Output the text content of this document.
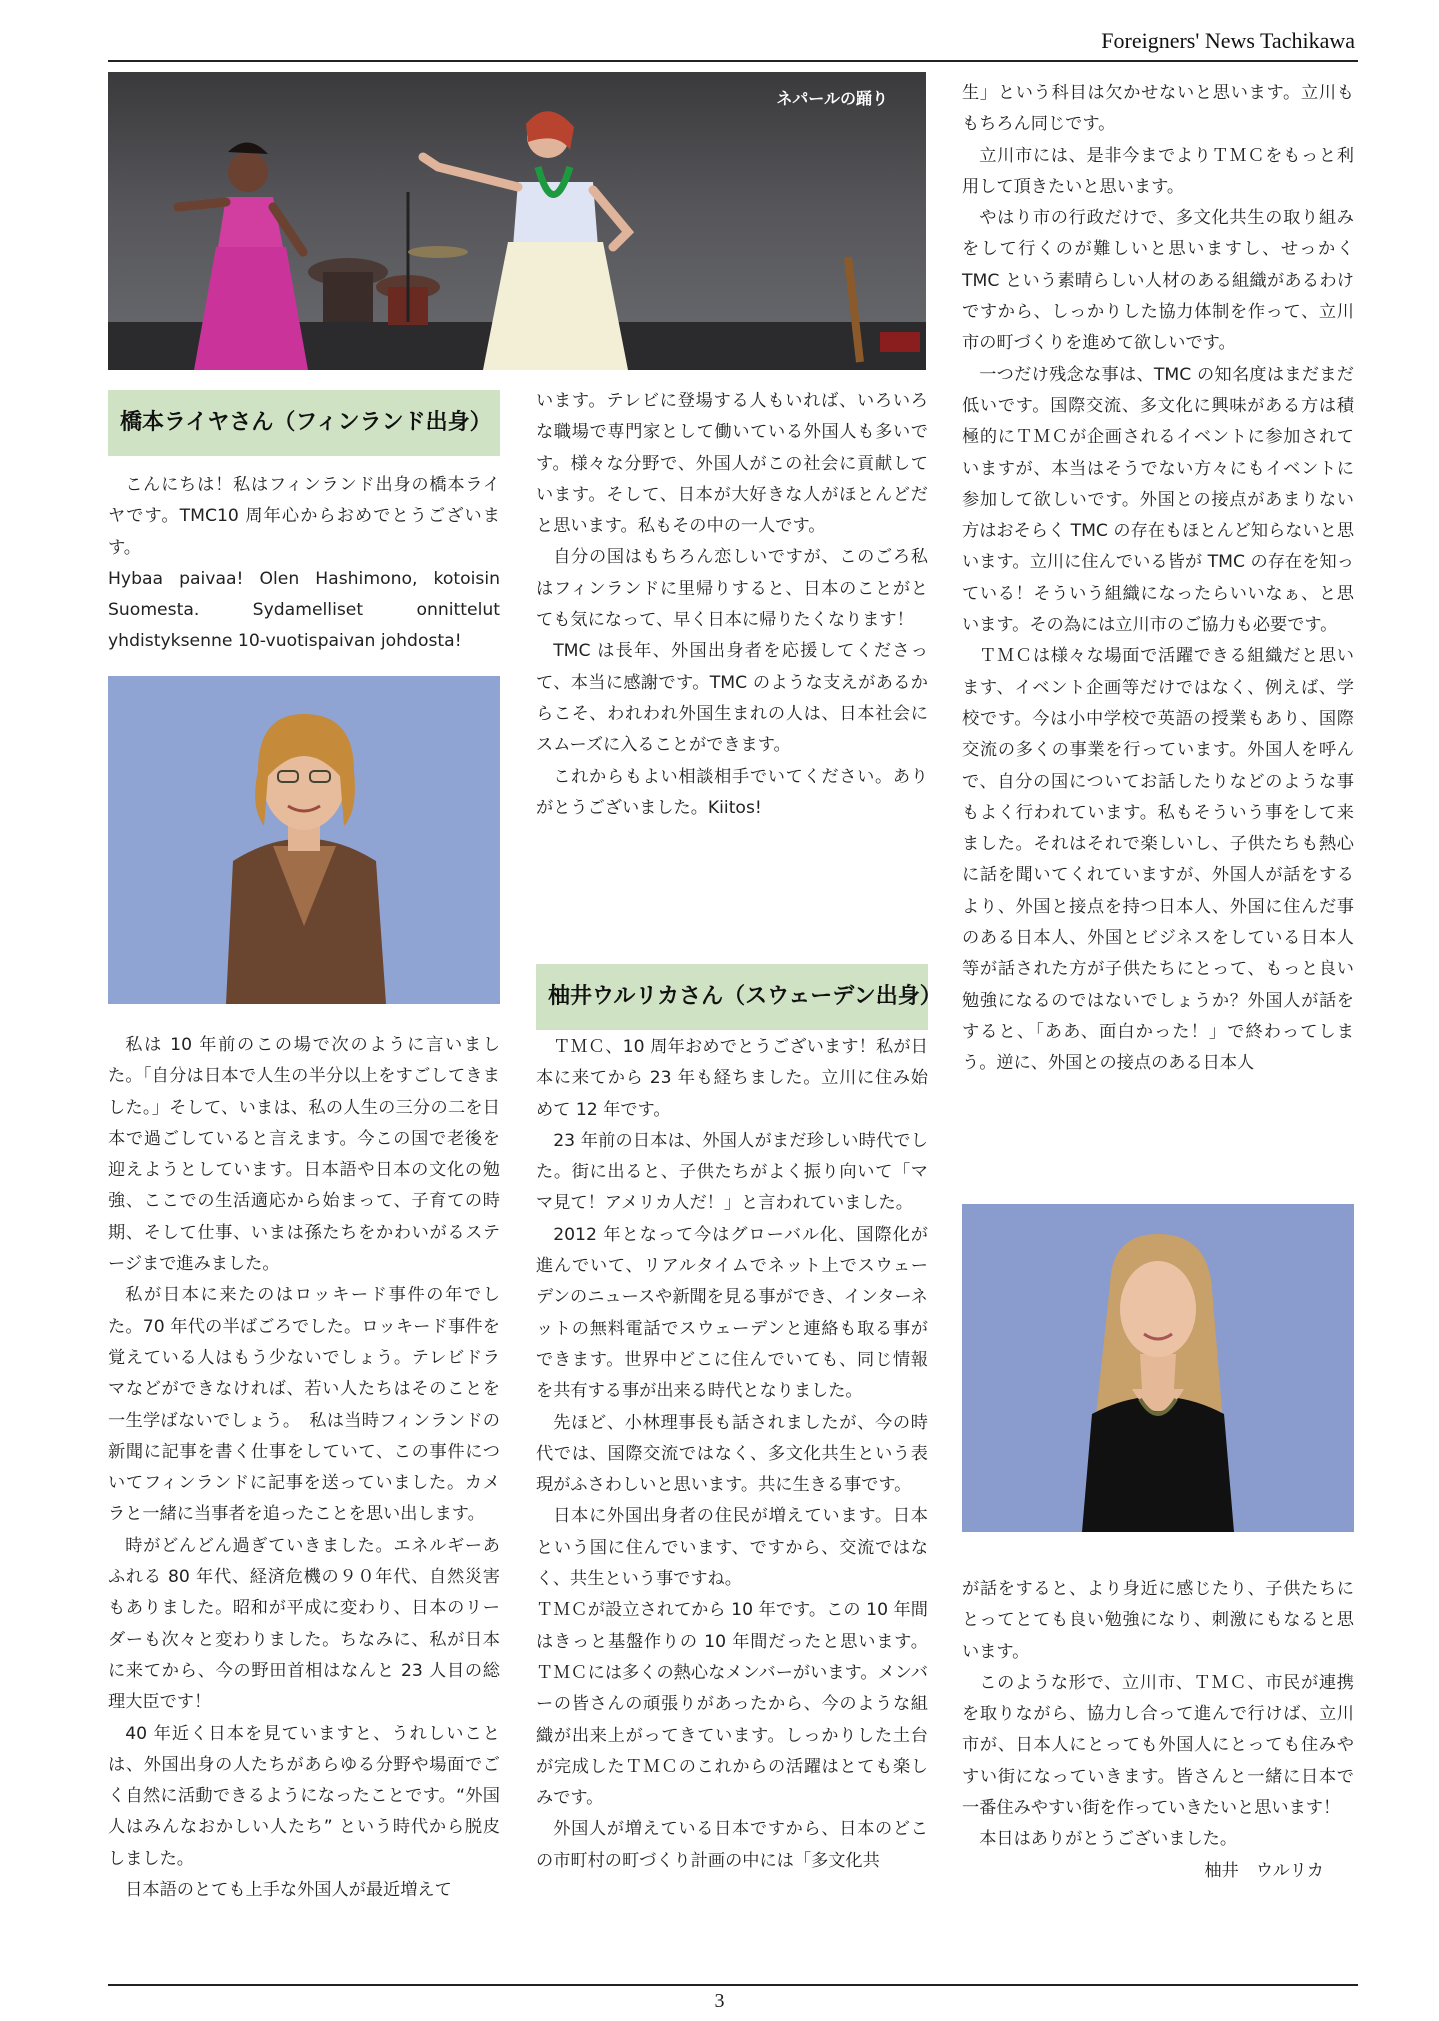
Foreigners' News Tachikawa
ネパールの踊り
橋本ライヤさん（フィンランド出身）

こんにちは！私はフィンランド出身の橋本ライヤです。TMC10 周年心からおめでとうございます。

Hybaa paivaa! Olen Hashimono, kotoisin Suomesta. Sydamelliset onnittelut yhdistyksenne 10-vuotispaivan johdosta!

私は 10 年前のこの場で次のように言いました。「自分は日本で人生の半分以上をすごしてきました。」そして、いまは、私の人生の三分の二を日本で過ごしていると言えます。今この国で老後を迎えようとしています。日本語や日本の文化の勉強、ここでの生活適応から始まって、子育ての時期、そして仕事、いまは孫たちをかわいがるステージまで進みました。

私が日本に来たのはロッキード事件の年でした。70 年代の半ばごろでした。ロッキード事件を覚えている人はもう少ないでしょう。テレビドラマなどができなければ、若い人たちはそのことを一生学ばないでしょう。　私は当時フィンランドの新聞に記事を書く仕事をしていて、この事件についてフィンランドに記事を送っていました。カメラと一緒に当事者を追ったことを思い出します。

時がどんどん過ぎていきました。エネルギーあふれる 80 年代、経済危機の９０年代、自然災害もありました。昭和が平成に変わり、日本のリーダーも次々と変わりました。ちなみに、私が日本に来てから、今の野田首相はなんと 23 人目の総理大臣です！

40 年近く日本を見ていますと、うれしいことは、外国出身の人たちがあらゆる分野や場面でごく自然に活動できるようになったことです。“外国人はみんなおかしい人たち” という時代から脱皮しました。

日本語のとても上手な外国人が最近増えて

います。テレビに登場する人もいれば、いろいろな職場で専門家として働いている外国人も多いです。様々な分野で、外国人がこの社会に貢献しています。そして、日本が大好きな人がほとんどだと思います。私もその中の一人です。

自分の国はもちろん恋しいですが、このごろ私はフィンランドに里帰りすると、日本のことがとても気になって、早く日本に帰りたくなります！

TMC は長年、外国出身者を応援してくださって、本当に感謝です。TMC のような支えがあるからこそ、われわれ外国生まれの人は、日本社会にスムーズに入ることができます。

これからもよい相談相手でいてください。ありがとうございました。Kiitos!

柚井ウルリカさん（スウェーデン出身）

ＴＭＣ、10 周年おめでとうございます！私が日本に来てから 23 年も経ちました。立川に住み始めて 12 年です。

23 年前の日本は、外国人がまだ珍しい時代でした。街に出ると、子供たちがよく振り向いて「ママ見て！アメリカ人だ！」と言われていました。

2012 年となって今はグローバル化、国際化が進んでいて、リアルタイムでネット上でスウェーデンのニュースや新聞を見る事ができ、インターネットの無料電話でスウェーデンと連絡も取る事ができます。世界中どこに住んでいても、同じ情報を共有する事が出来る時代となりました。

先ほど、小林理事長も話されましたが、今の時代では、国際交流ではなく、多文化共生という表現がふさわしいと思います。共に生きる事です。

日本に外国出身者の住民が増えています。日本という国に住んでいます、ですから、交流ではなく、共生という事ですね。

ＴＭＣが設立されてから 10 年です。この 10 年間はきっと基盤作りの 10 年間だったと思います。ＴＭＣには多くの熱心なメンバーがいます。メンバーの皆さんの頑張りがあったから、今のような組織が出来上がってきています。しっかりした土台が完成したＴＭＣのこれからの活躍はとても楽しみです。

外国人が増えている日本ですから、日本のどこの市町村の町づくり計画の中には「多文化共

生」という科目は欠かせないと思います。立川ももちろん同じです。

立川市には、是非今までよりＴＭＣをもっと利用して頂きたいと思います。

やはり市の行政だけで、多文化共生の取り組みをして行くのが難しいと思いますし、せっかく TMC という素晴らしい人材のある組織があるわけですから、しっかりした協力体制を作って、立川市の町づくりを進めて欲しいです。

一つだけ残念な事は、TMC の知名度はまだまだ低いです。国際交流、多文化に興味がある方は積極的にＴＭＣが企画されるイベントに参加されていますが、本当はそうでない方々にもイベントに参加して欲しいです。外国との接点があまりない方はおそらく TMC の存在もほとんど知らないと思います。立川に住んでいる皆が TMC の存在を知っている！そういう組織になったらいいなぁ、と思います。その為には立川市のご協力も必要です。

ＴＭＣは様々な場面で活躍できる組織だと思います、イベント企画等だけではなく、例えば、学校です。今は小中学校で英語の授業もあり、国際交流の多くの事業を行っています。外国人を呼んで、自分の国についてお話したりなどのような事もよく行われています。私もそういう事をして来ました。それはそれで楽しいし、子供たちも熱心に話を聞いてくれていますが、外国人が話をするより、外国と接点を持つ日本人、外国に住んだ事のある日本人、外国とビジネスをしている日本人等が話された方が子供たちにとって、もっと良い勉強になるのではないでしょうか？外国人が話をすると、「ああ、面白かった！」で終わってしまう。逆に、外国との接点のある日本人

が話をすると、より身近に感じたり、子供たちにとってとても良い勉強になり、刺激にもなると思います。

このような形で、立川市、ＴＭＣ、市民が連携を取りながら、協力し合って進んで行けば、立川市が、日本人にとっても外国人にとっても住みやすい街になっていきます。皆さんと一緒に日本で一番住みやすい街を作っていきたいと思います！

本日はありがとうございました。

柚井　ウルリカ

3
